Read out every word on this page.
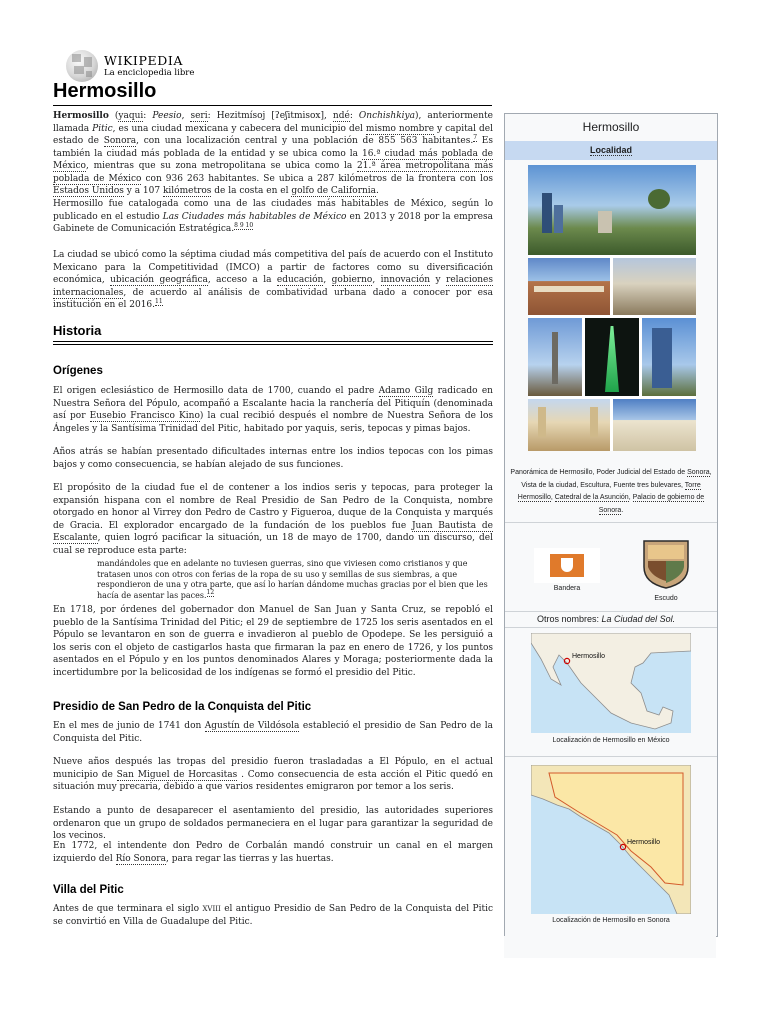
WIKIPEDIA
La enciclopedia libre
Hermosillo

Hermosillo (yaqui: Peesio, seri: Hezitmísoj [ʔeʃitmisox], ndé: Onchishkiya), anteriormente llamada Pitic, es una ciudad mexicana y cabecera del municipio del mismo nombre y capital del estado de Sonora, con una localización central y una población de 855 563 habitantes.$^7$ Es también la ciudad más poblada de la entidad y se ubica como la 16.ª ciudad más poblada de México, mientras que su zona metropolitana se ubica como la 21.ª área metropolitana más poblada de México con 936 263 habitantes. Se ubica a 287 kilómetros de la frontera con los Estados Unidos y a 107 kilómetros de la costa en el golfo de California.

Hermosillo fue catalogada como una de las ciudades más habitables de México, según lo publicado en el estudio Las Ciudades más habitables de México en 2013 y 2018 por la empresa Gabinete de Comunicación Estratégica.$^{8 9 10}$

La ciudad se ubicó como la séptima ciudad más competitiva del país de acuerdo con el Instituto Mexicano para la Competitividad (IMCO) a partir de factores como su diversificación económica, ubicación geográfica, acceso a la educación, gobierno, innovación y relaciones internacionales, de acuerdo al análisis de combatividad urbana dado a conocer por esa institución en el 2016.11

Historia
Orígenes

El origen eclesiástico de Hermosillo data de 1700, cuando el padre Adamo Gilg radicado en Nuestra Señora del Pópulo, acompañó a Escalante hacia la ranchería del Pitiquín (denominada así por Eusebio Francisco Kino) la cual recibió después el nombre de Nuestra Señora de los Ángeles y la Santísima Trinidad del Pitic, habitado por yaquis, seris, tepocas y pimas bajos.

Años atrás se habían presentado dificultades internas entre los indios tepocas con los pimas bajos y como consecuencia, se habían alejado de sus funciones.

El propósito de la ciudad fue el de contener a los indios seris y tepocas, para proteger la expansión hispana con el nombre de Real Presidio de San Pedro de la Conquista, nombre otorgado en honor al Virrey don Pedro de Castro y Figueroa, duque de la Conquista y marqués de Gracia. El explorador encargado de la fundación de los pueblos fue Juan Bautista de Escalante, quien logró pacificar la situación, un 18 de mayo de 1700, dando un discurso, del cual se reproduce esta parte:

mandándoles que en adelante no tuviesen guerras, sino que viviesen como cristianos y que tratasen unos con otros con ferias de la ropa de su uso y semillas de sus siembras, a que respondieron de una y otra parte, que así lo harían dándome muchas gracias por el bien que les hacía de asentar las paces.$^{12}$

En 1718, por órdenes del gobernador don Manuel de San Juan y Santa Cruz, se repobló el pueblo de la Santísima Trinidad del Pitic; el 29 de septiembre de 1725 los seris asentados en el Pópulo se levantaron en son de guerra e invadieron al pueblo de Opodepe. Se les persiguió a los seris con el objeto de castigarlos hasta que firmaran la paz en enero de 1726, y los puntos asentados en el Pópulo y en los puntos denominados Alares y Moraga; posteriormente dada la incertidumbre por la belicosidad de los indígenas se formó el presidio del Pitic.

Presidio de San Pedro de la Conquista del Pitic

En el mes de junio de 1741 don Agustín de Vildósola estableció el presidio de San Pedro de la Conquista del Pitic.

Nueve años después las tropas del presidio fueron trasladadas a El Pópulo, en el actual municipio de San Miguel de Horcasitas . Como consecuencia de esta acción el Pitic quedó en situación muy precaria, debido a que varios residentes emigraron por temor a los seris.

Estando a punto de desaparecer el asentamiento del presidio, las autoridades superiores ordenaron que un grupo de soldados permaneciera en el lugar para garantizar la seguridad de los vecinos.

En 1772, el intendente don Pedro de Corbalán mandó construir un canal en el margen izquierdo del Río Sonora, para regar las tierras y las huertas.

Villa del Pitic

Antes de que terminara el siglo XVIII el antiguo Presidio de San Pedro de la Conquista del Pitic se convirtió en Villa de Guadalupe del Pitic.

Hermosillo
Localidad
Panorámica de Hermosillo, Poder Judicial del Estado de Sonora, Vista de la ciudad, Escultura, Fuente tres bulevares, Torre Hermosillo, Catedral de la Asunción, Palacio de gobierno de Sonora.
Bandera
Escudo
Otros nombres: La Ciudad del Sol.
Hermosillo
Localización de Hermosillo en México
Hermosillo
Localización de Hermosillo en Sonora
